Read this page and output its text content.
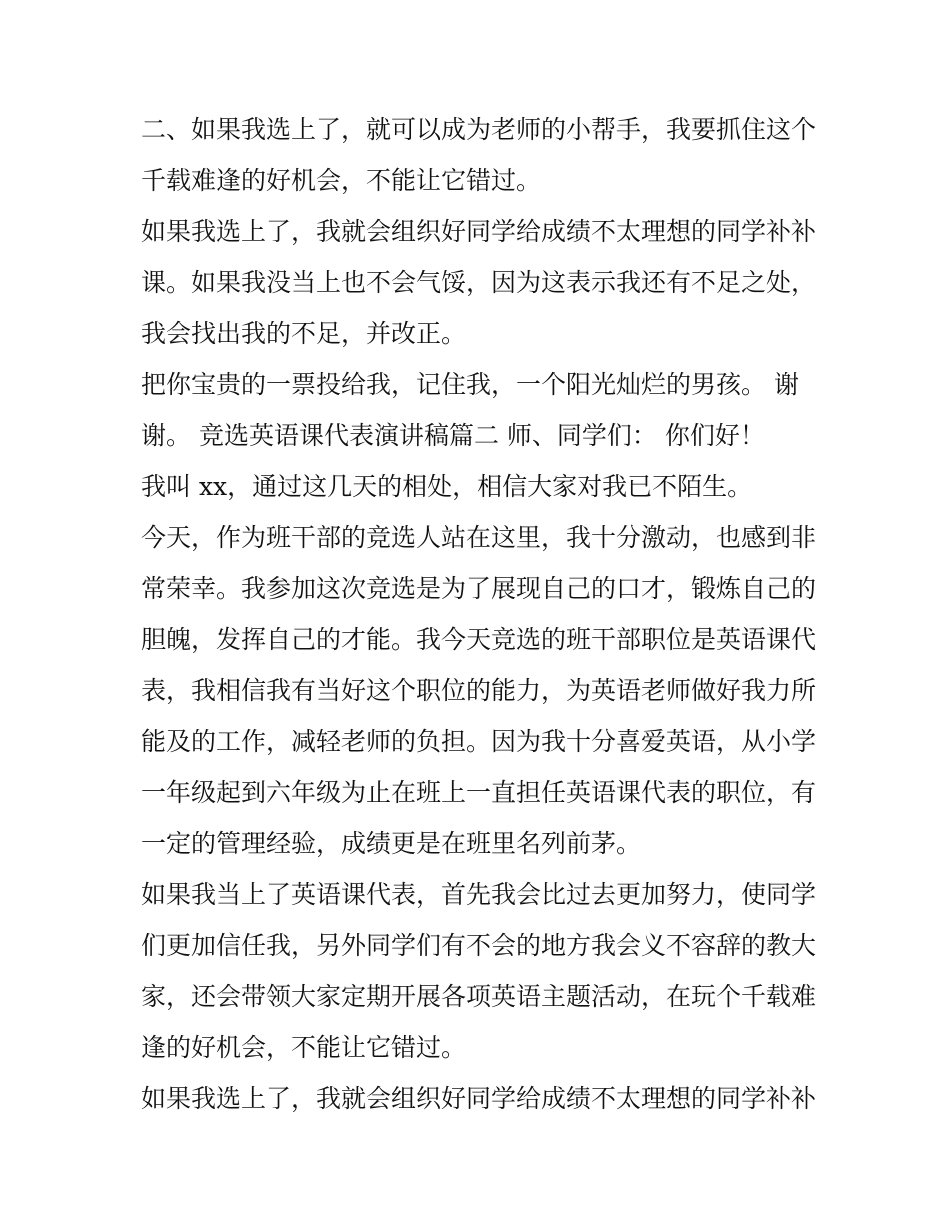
二、如果我选上了，就可以成为老师的小帮手，我要抓住这个
千载难逢的好机会，不能让它错过。
如果我选上了，我就会组织好同学给成绩不太理想的同学补补
课。如果我没当上也不会气馁，因为这表示我还有不足之处，
我会找出我的不足，并改正。
把你宝贵的一票投给我，记住我，一个阳光灿烂的男孩。 谢
谢。 竞选英语课代表演讲稿篇二 师、同学们： 你们好！
我叫 xx，通过这几天的相处，相信大家对我已不陌生。
今天，作为班干部的竞选人站在这里，我十分激动，也感到非
常荣幸。我参加这次竞选是为了展现自己的口才，锻炼自己的
胆魄，发挥自己的才能。我今天竞选的班干部职位是英语课代
表，我相信我有当好这个职位的能力，为英语老师做好我力所
能及的工作，减轻老师的负担。因为我十分喜爱英语，从小学
一年级起到六年级为止在班上一直担任英语课代表的职位，有
一定的管理经验，成绩更是在班里名列前茅。
如果我当上了英语课代表，首先我会比过去更加努力，使同学
们更加信任我，另外同学们有不会的地方我会义不容辞的教大
家，还会带领大家定期开展各项英语主题活动，在玩个千载难
逢的好机会，不能让它错过。
如果我选上了，我就会组织好同学给成绩不太理想的同学补补
